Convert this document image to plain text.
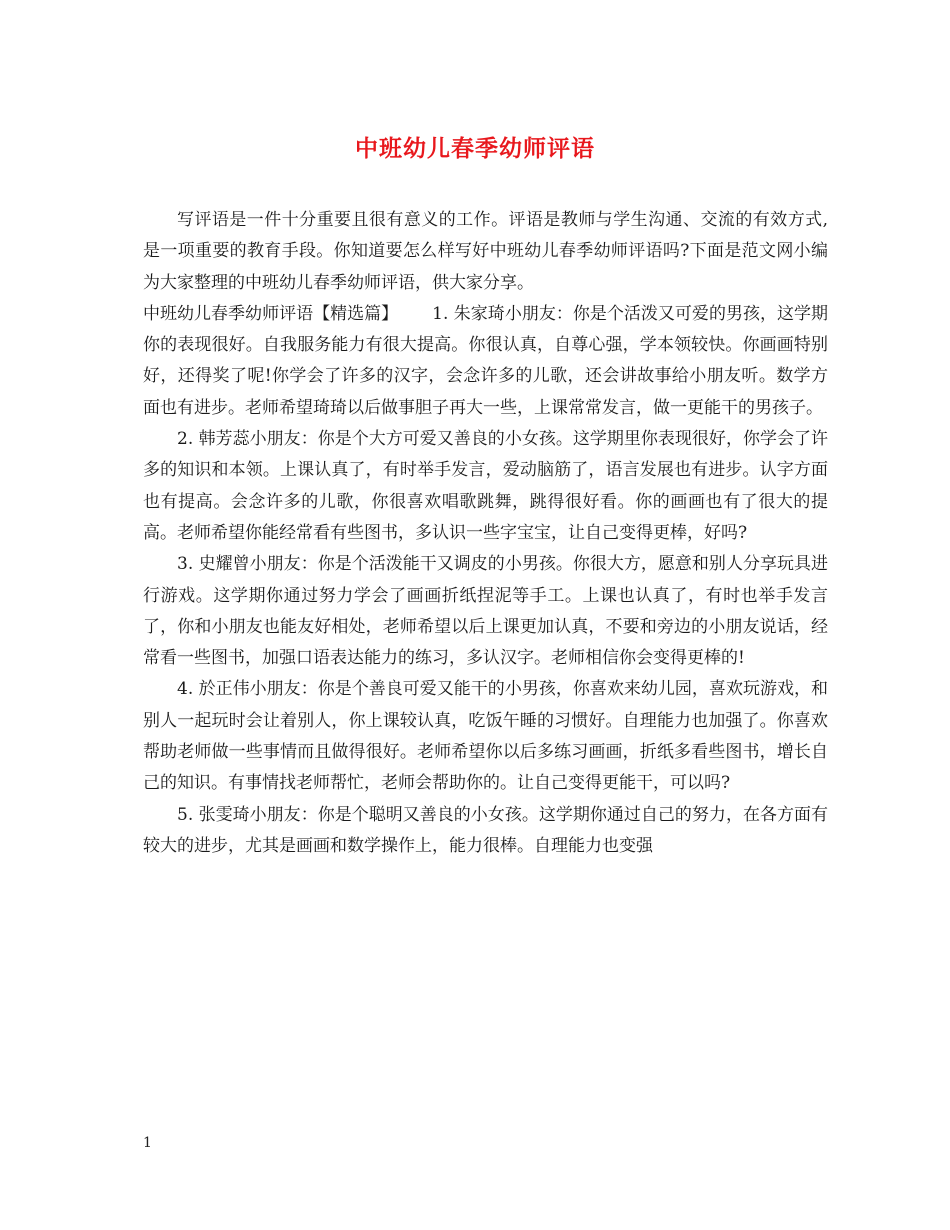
中班幼儿春季幼师评语

写评语是一件十分重要且很有意义的工作。评语是教师与学生沟通、交流的有效方式,是一项重要的教育手段。你知道要怎么样写好中班幼儿春季幼师评语吗?下面是范文网小编为大家整理的中班幼儿春季幼师评语，供大家分享。

中班幼儿春季幼师评语【精选篇】 1. 朱家琦小朋友：你是个活泼又可爱的男孩，这学期你的表现很好。自我服务能力有很大提高。你很认真，自尊心强，学本领较快。你画画特别好，还得奖了呢!你学会了许多的汉字，会念许多的儿歌，还会讲故事给小朋友听。数学方面也有进步。老师希望琦琦以后做事胆子再大一些，上课常常发言，做一更能干的男孩子。

2. 韩芳蕊小朋友：你是个大方可爱又善良的小女孩。这学期里你表现很好，你学会了许多的知识和本领。上课认真了，有时举手发言，爱动脑筋了，语言发展也有进步。认字方面也有提高。会念许多的儿歌，你很喜欢唱歌跳舞，跳得很好看。你的画画也有了很大的提高。老师希望你能经常看有些图书，多认识一些字宝宝，让自己变得更棒，好吗?

3. 史耀曾小朋友：你是个活泼能干又调皮的小男孩。你很大方，愿意和别人分享玩具进行游戏。这学期你通过努力学会了画画折纸捏泥等手工。上课也认真了，有时也举手发言了，你和小朋友也能友好相处，老师希望以后上课更加认真，不要和旁边的小朋友说话，经常看一些图书，加强口语表达能力的练习，多认汉字。老师相信你会变得更棒的!

4. 於正伟小朋友：你是个善良可爱又能干的小男孩，你喜欢来幼儿园，喜欢玩游戏，和别人一起玩时会让着别人，你上课较认真，吃饭午睡的习惯好。自理能力也加强了。你喜欢帮助老师做一些事情而且做得很好。老师希望你以后多练习画画，折纸多看些图书，增长自己的知识。有事情找老师帮忙，老师会帮助你的。让自己变得更能干，可以吗?

5. 张雯琦小朋友：你是个聪明又善良的小女孩。这学期你通过自己的努力，在各方面有较大的进步，尤其是画画和数学操作上，能力很棒。自理能力也变强

1
